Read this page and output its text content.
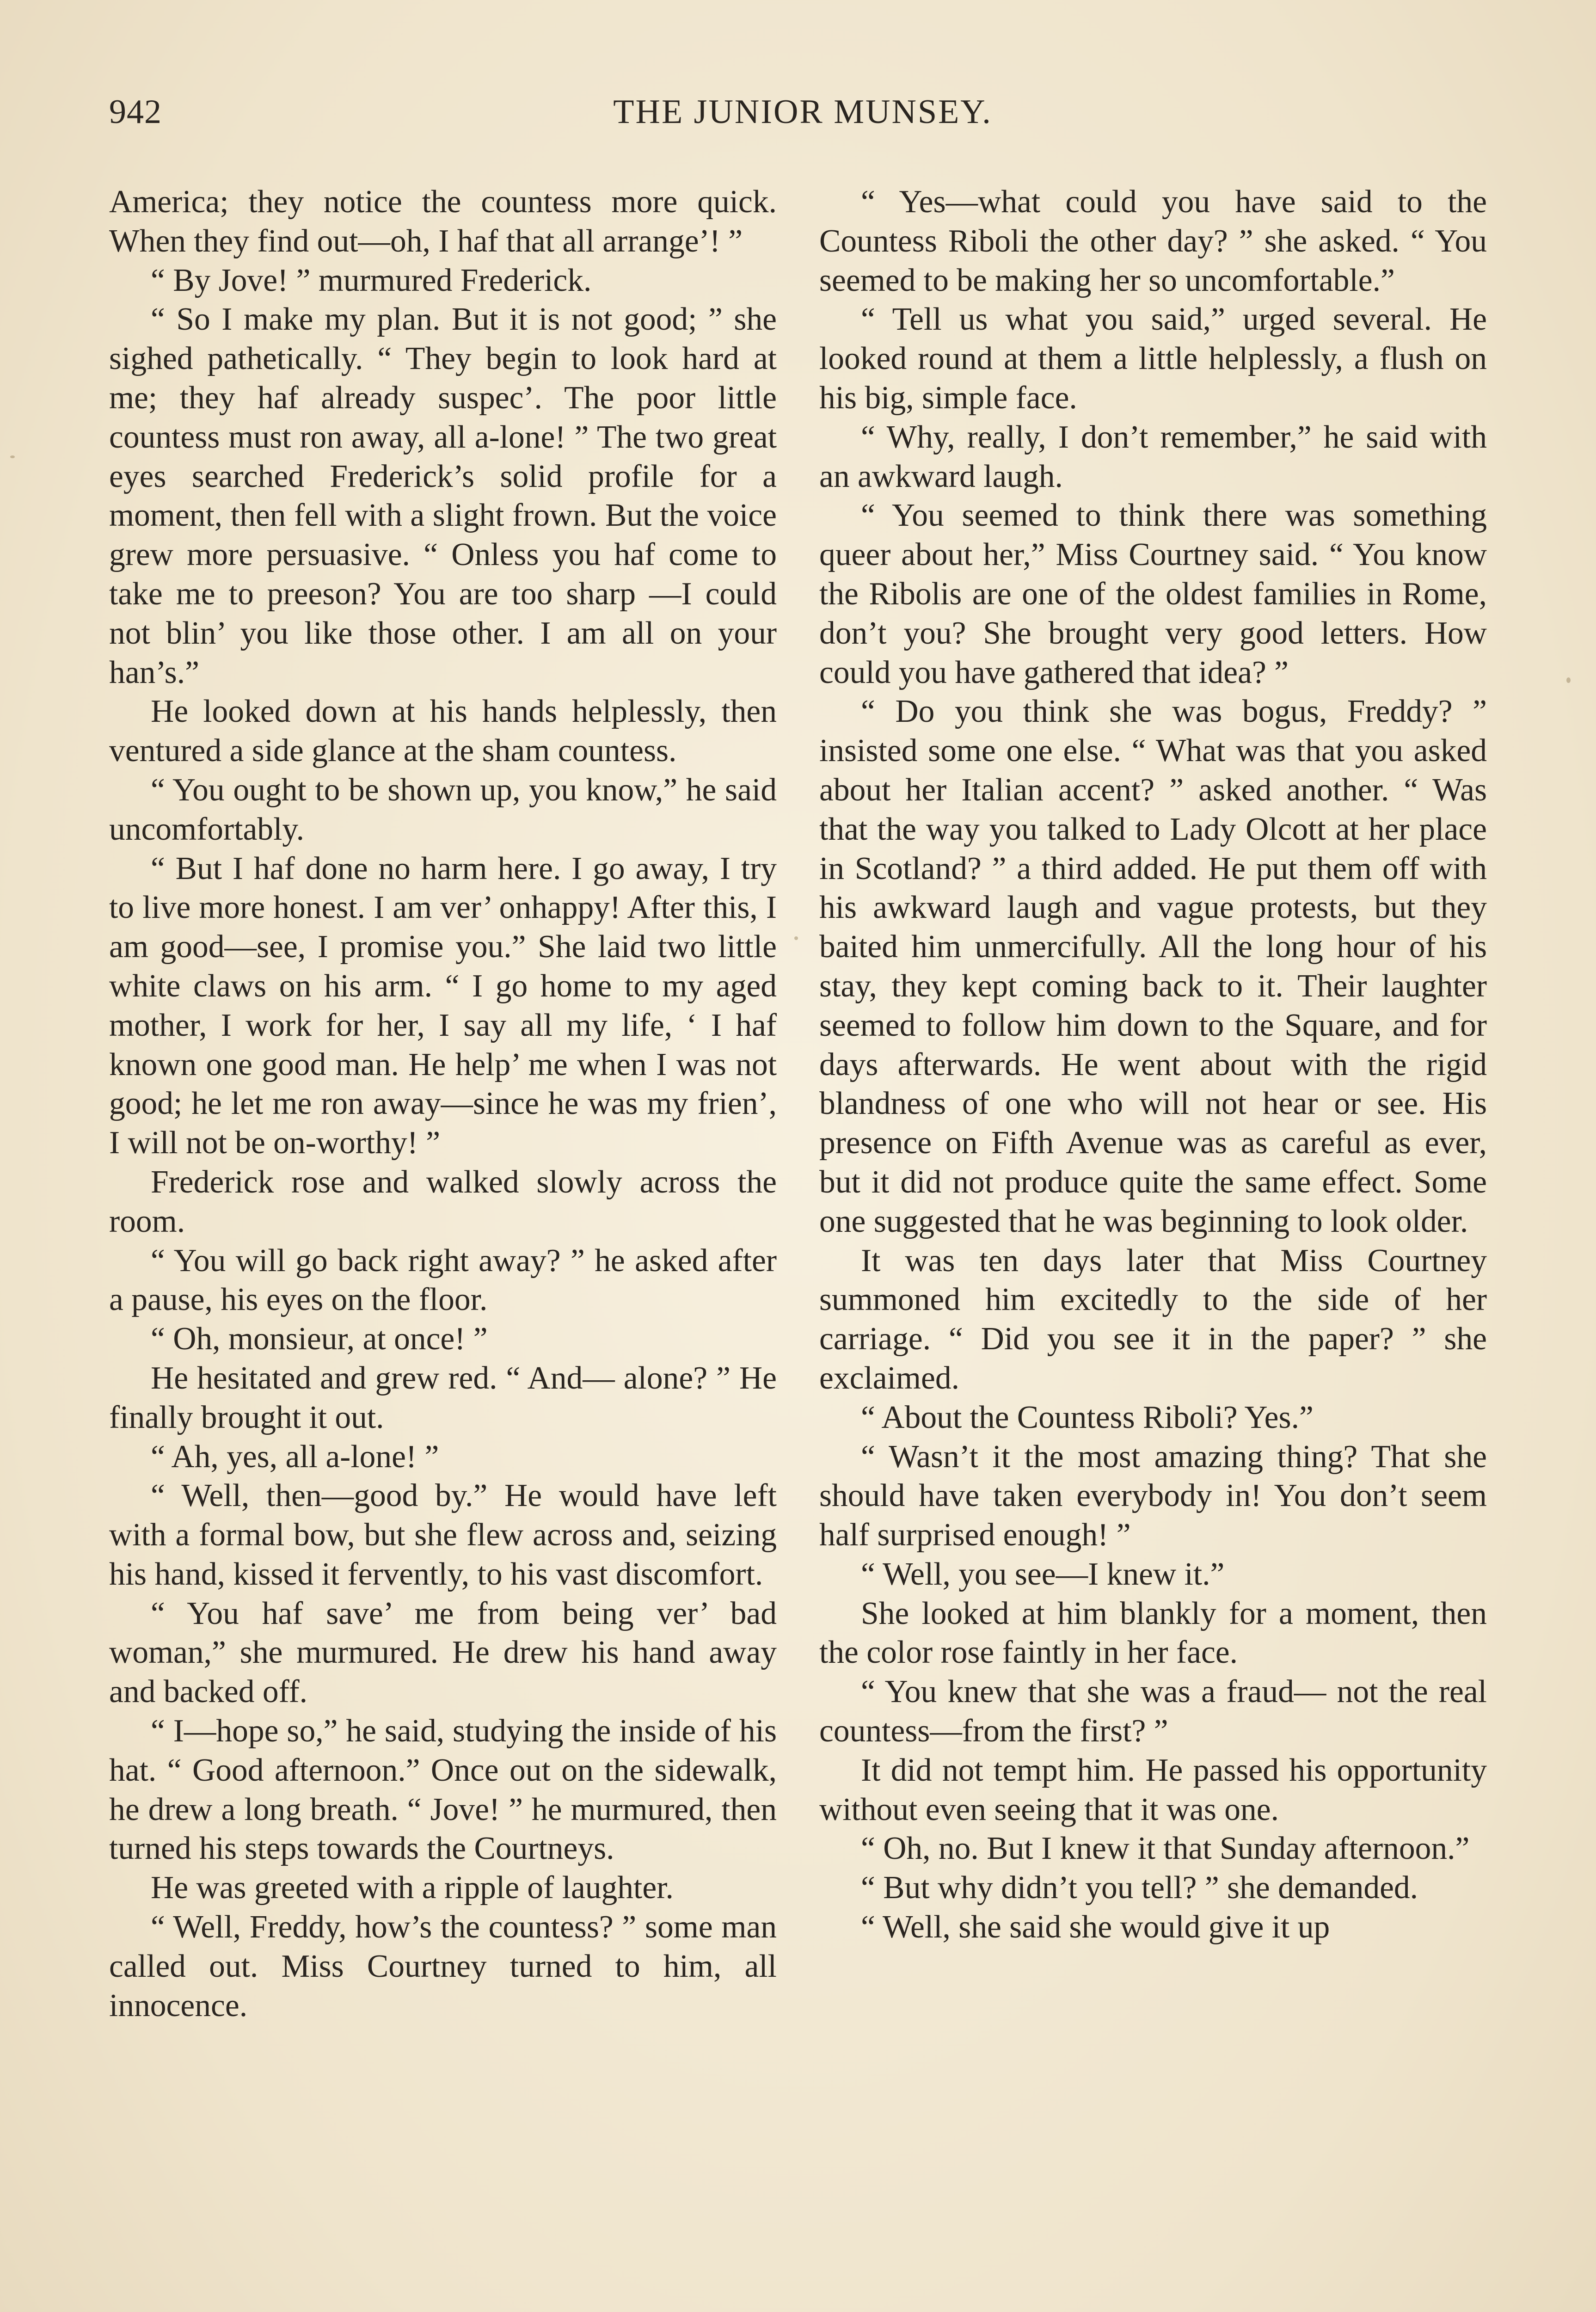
942	THE JUNIOR MUNSEY.

America; they notice the countess more quick. When they find out—oh, I haf that all arrange’! ”

“ By Jove! ” murmured Frederick.

“ So I make my plan. But it is not good; ” she sighed pathetically. “ They begin to look hard at me; they haf already suspec’. The poor little countess must ron away, all a-lone! ” The two great eyes searched Frederick’s solid profile for a moment, then fell with a slight frown. But the voice grew more persuasive. “ Onless you haf come to take me to preeson? You are too sharp —I could not blin’ you like those other. I am all on your han’s.”

He looked down at his hands helplessly, then ventured a side glance at the sham countess.

“ You ought to be shown up, you know,” he said uncomfortably.

“ But I haf done no harm here. I go away, I try to live more honest. I am ver’ onhappy! After this, I am good—see, I promise you.” She laid two little white claws on his arm. “ I go home to my aged mother, I work for her, I say all my life, ‘ I haf known one good man. He help’ me when I was not good; he let me ron away—since he was my frien’, I will not be on-worthy! ”

Frederick rose and walked slowly across the room.

“ You will go back right away? ” he asked after a pause, his eyes on the floor.

“ Oh, monsieur, at once! ”

He hesitated and grew red. “ And— alone? ” He finally brought it out.

“ Ah, yes, all a-lone! ”

“ Well, then—good by.” He would have left with a formal bow, but she flew across and, seizing his hand, kissed it fervently, to his vast discomfort.

“ You haf save’ me from being ver’ bad woman,” she murmured. He drew his hand away and backed off.

“ I—hope so,” he said, studying the inside of his hat. “ Good afternoon.” Once out on the sidewalk, he drew a long breath. “ Jove! ” he murmured, then turned his steps towards the Courtneys.

He was greeted with a ripple of laughter.

“ Well, Freddy, how’s the countess? ” some man called out. Miss Courtney turned to him, all innocence.

“ Yes—what could you have said to the Countess Riboli the other day? ” she asked. “ You seemed to be making her so uncomfortable.”

“ Tell us what you said,” urged several. He looked round at them a little helplessly, a flush on his big, simple face.

“ Why, really, I don’t remember,” he said with an awkward laugh.

“ You seemed to think there was something queer about her,” Miss Courtney said. “ You know the Ribolis are one of the oldest families in Rome, don’t you? She brought very good letters. How could you have gathered that idea? ”

“ Do you think she was bogus, Freddy? ” insisted some one else. “ What was that you asked about her Italian accent? ” asked another. “ Was that the way you talked to Lady Olcott at her place in Scotland? ” a third added. He put them off with his awkward laugh and vague protests, but they baited him unmercifully. All the long hour of his stay, they kept coming back to it. Their laughter seemed to follow him down to the Square, and for days afterwards. He went about with the rigid blandness of one who will not hear or see. His presence on Fifth Avenue was as careful as ever, but it did not produce quite the same effect. Some one suggested that he was beginning to look older.

It was ten days later that Miss Courtney summoned him excitedly to the side of her carriage. “ Did you see it in the paper? ” she exclaimed.

“ About the Countess Riboli? Yes.”

“ Wasn’t it the most amazing thing? That she should have taken everybody in! You don’t seem half surprised enough! ”

“ Well, you see—I knew it.”

She looked at him blankly for a moment, then the color rose faintly in her face.

“ You knew that she was a fraud— not the real countess—from the first? ”

It did not tempt him. He passed his opportunity without even seeing that it was one.

“ Oh, no. But I knew it that Sunday afternoon.”

“ But why didn’t you tell? ” she demanded.

“ Well, she said she would give it up
